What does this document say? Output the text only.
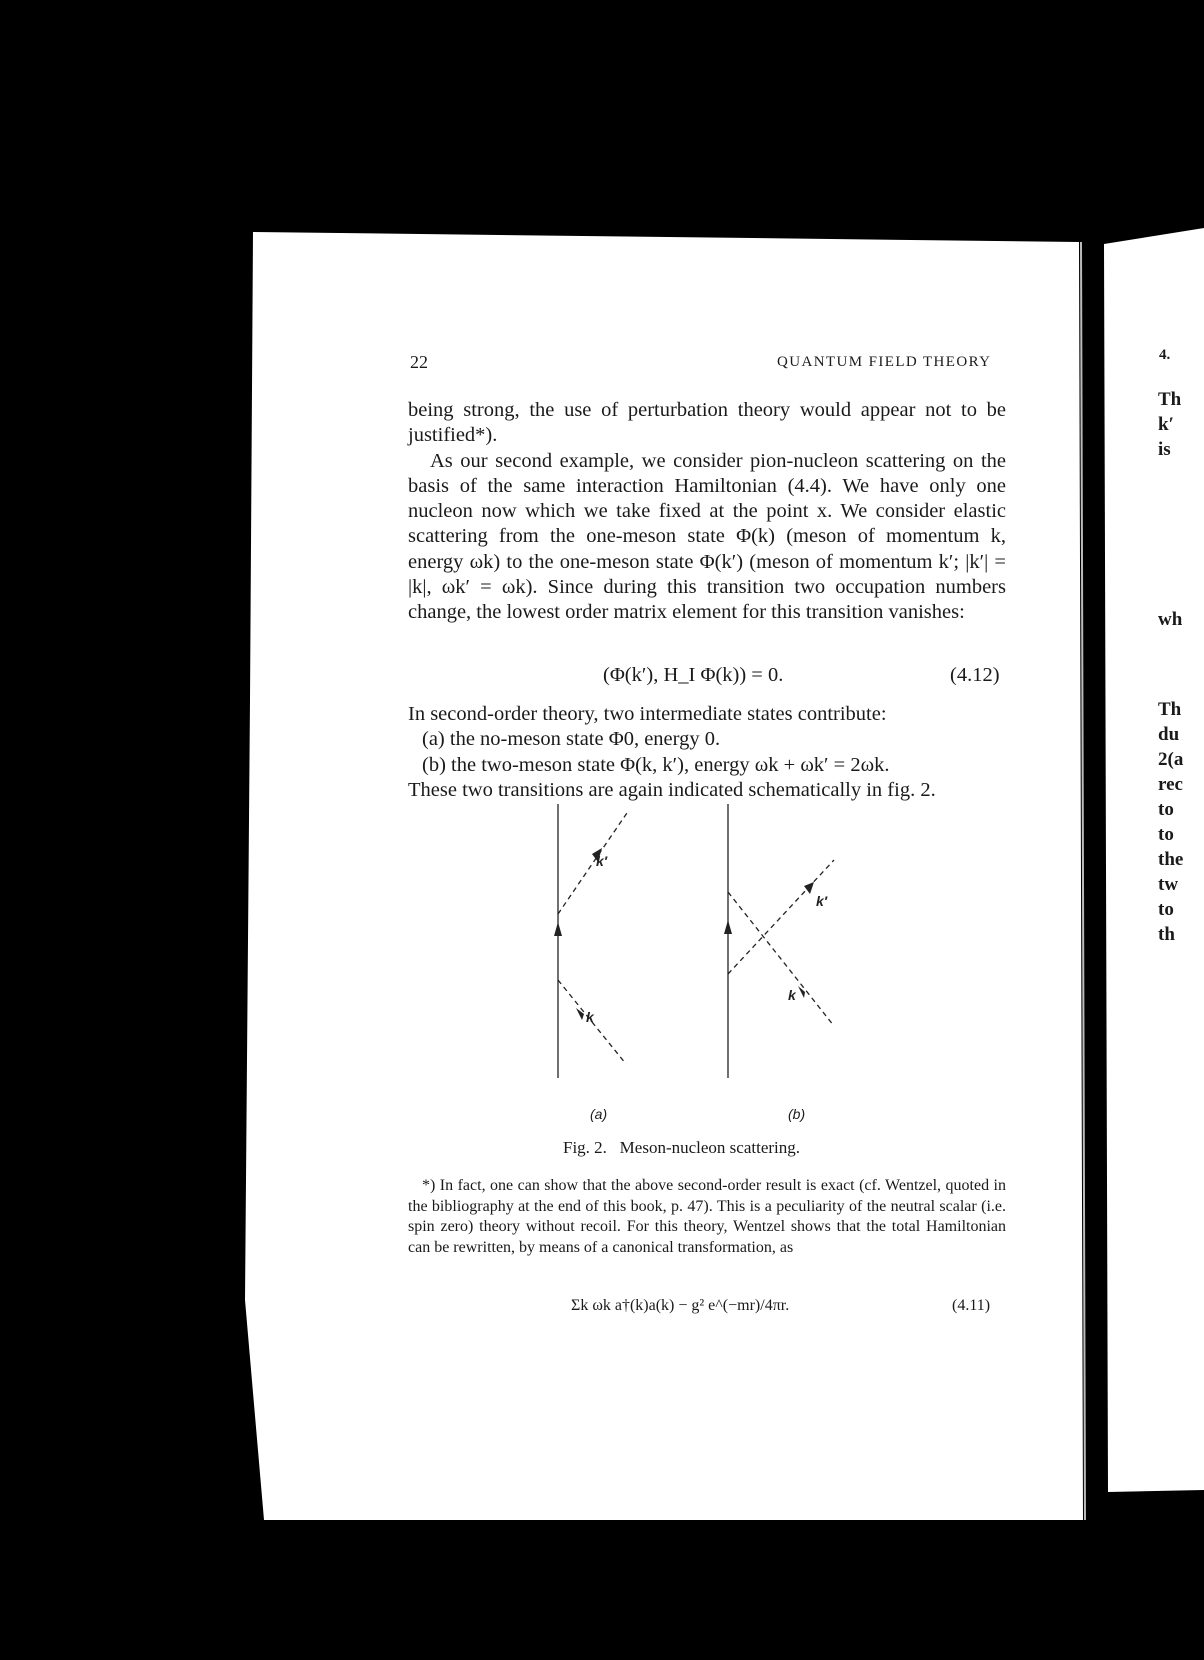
22	QUANTUM FIELD THEORY

being strong, the use of perturbation theory would appear not to be justified*).

As our second example, we consider pion-nucleon scattering on the basis of the same interaction Hamiltonian (4.4). We have only one nucleon now which we take fixed at the point x. We consider elastic scattering from the one-meson state Φ(k) (meson of momentum k, energy ωk) to the one-meson state Φ(k′) (meson of momentum k′; |k′| = |k|, ωk′ = ωk). Since during this transition two occupation numbers change, the lowest order matrix element for this transition vanishes:

(Φ(k′), H_I Φ(k)) = 0.	(4.12)

In second-order theory, two intermediate states contribute:

(a) the no-meson state Φ0, energy 0.

(b) the two-meson state Φ(k, k′), energy ωk + ωk′ = 2ωk.

These two transitions are again indicated schematically in fig. 2.

k′
k
k′
k
(a)	(b)
Fig. 2.   Meson-nucleon scattering.
*) In fact, one can show that the above second-order result is exact (cf. Wentzel, quoted in the bibliography at the end of this book, p. 47). This is a peculiarity of the neutral scalar (i.e. spin zero) theory without recoil. For this theory, Wentzel shows that the total Hamiltonian can be rewritten, by means of a canonical transformation, as
Σk ωk a†(k)a(k) − g² e^(−mr)/4πr.	(4.11)
4.
Th
k′
is
wh
Th
du
2(a
rec
to
to
the
tw
to
th
